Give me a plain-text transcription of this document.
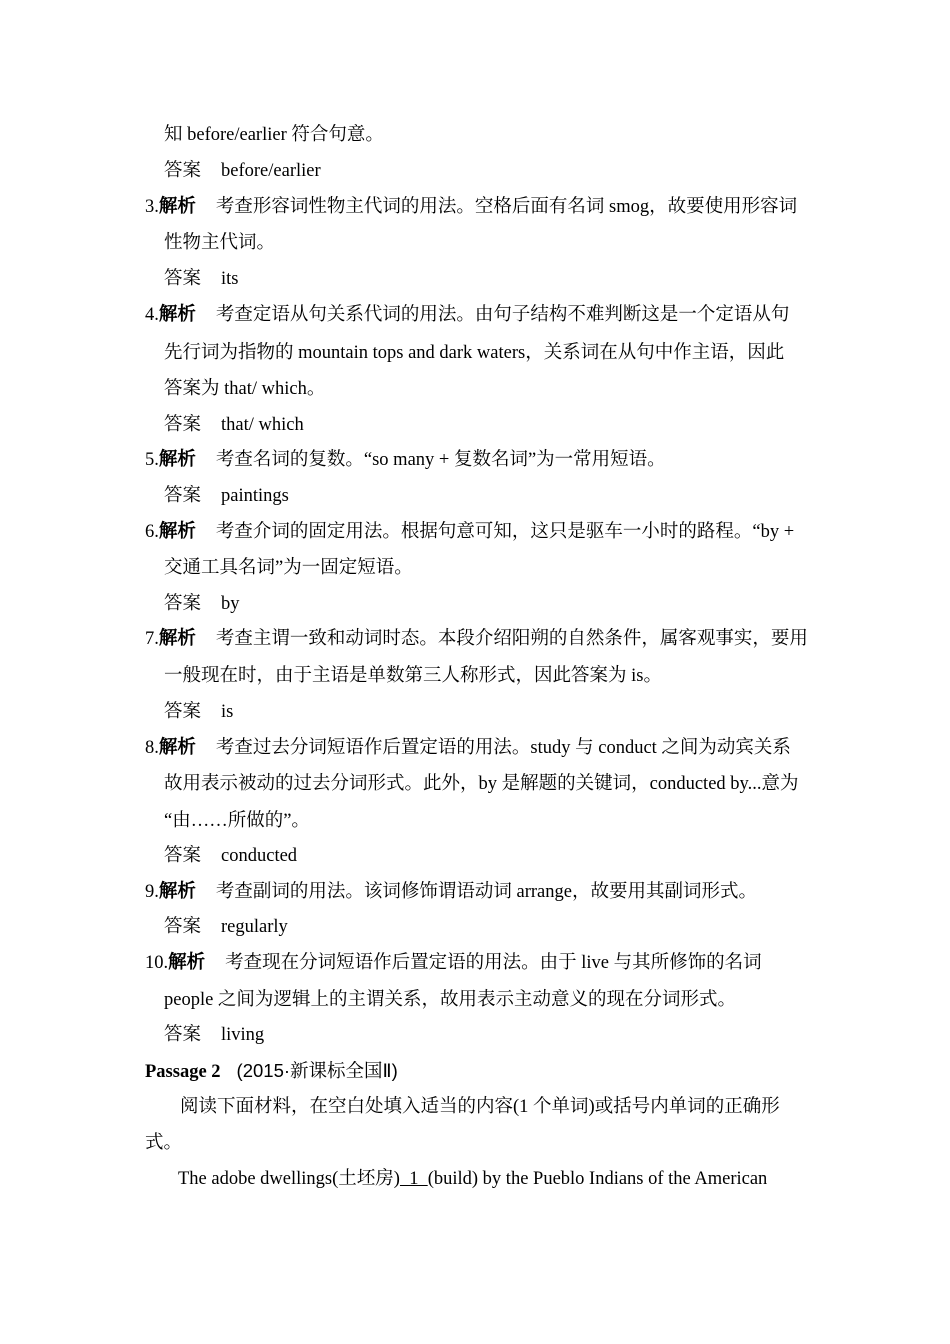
知 before/earlier 符合句意。
答案 before/earlier
3.解析 考查形容词性物主代词的用法。空格后面有名词 smog，故要使用形容词
性物主代词。
答案 its
4.解析 考查定语从句关系代词的用法。由句子结构不难判断这是一个定语从句
先行词为指物的 mountain tops and dark waters，关系词在从句中作主语，因此
答案为 that/ which。
答案 that/ which
5.解析 考查名词的复数。“so many + 复数名词”为一常用短语。
答案 paintings
6.解析 考查介词的固定用法。根据句意可知，这只是驱车一小时的路程。“by +
交通工具名词”为一固定短语。
答案 by
7.解析 考查主谓一致和动词时态。本段介绍阳朔的自然条件，属客观事实，要用
一般现在时，由于主语是单数第三人称形式，因此答案为 is。
答案 is
8.解析 考查过去分词短语作后置定语的用法。study 与 conduct 之间为动宾关系
故用表示被动的过去分词形式。此外，by 是解题的关键词，conducted by...意为
“由……所做的”。
答案 conducted
9.解析 考查副词的用法。该词修饰谓语动词 arrange，故要用其副词形式。
答案 regularly
10.解析 考查现在分词短语作后置定语的用法。由于 live 与其所修饰的名词
people 之间为逻辑上的主谓关系，故用表示主动意义的现在分词形式。
答案 living
Passage 2 (2015·新课标全国Ⅱ)
阅读下面材料，在空白处填入适当的内容(1 个单词)或括号内单词的正确形
式。
The adobe dwellings(土坯房)  1  (build) by the Pueblo Indians of the American
